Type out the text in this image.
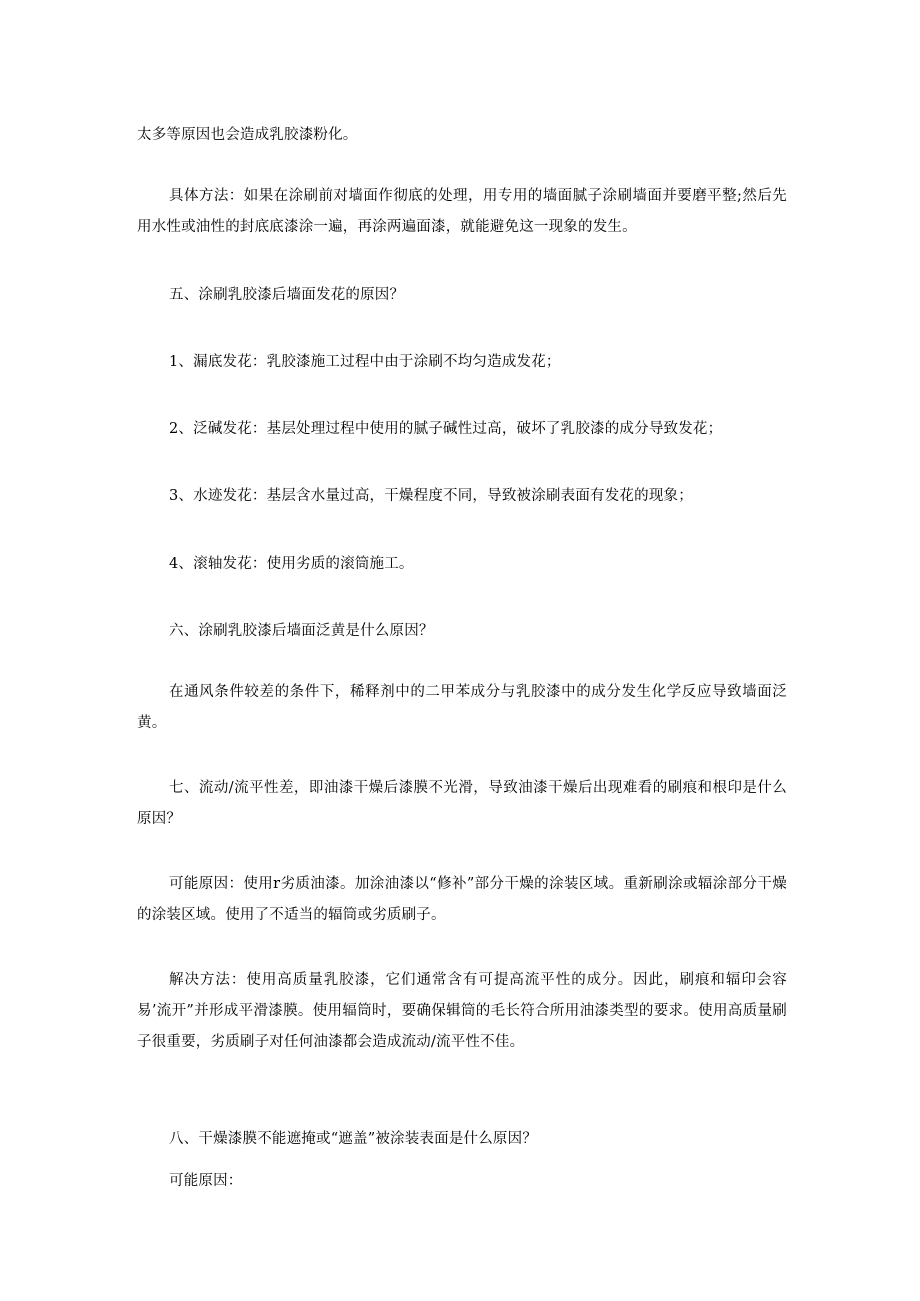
太多等原因也会造成乳胶漆粉化。

具体方法：如果在涂刷前对墙面作彻底的处理，用专用的墙面腻子涂刷墙面并要磨平整;然后先用水性或油性的封底底漆涂一遍，再涂两遍面漆，就能避免这一现象的发生。

五、涂刷乳胶漆后墙面发花的原因？

1、漏底发花：乳胶漆施工过程中由于涂刷不均匀造成发花；

2、泛碱发花：基层处理过程中使用的腻子碱性过高，破坏了乳胶漆的成分导致发花；

3、水迹发花：基层含水量过高，干燥程度不同，导致被涂刷表面有发花的现象；

4、滚轴发花：使用劣质的滚筒施工。

六、涂刷乳胶漆后墙面泛黄是什么原因？

在通风条件较差的条件下，稀释剂中的二甲苯成分与乳胶漆中的成分发生化学反应导致墙面泛黄。

七、流动/流平性差，即油漆干燥后漆膜不光滑，导致油漆干燥后出现难看的刷痕和根印是什么原因？

可能原因：使用r劣质油漆。加涂油漆以“修补”部分干燥的涂装区域。重新刷涂或辐涂部分干燥的涂装区域。使用了不适当的辐筒或劣质刷子。

解决方法：使用高质量乳胶漆，它们通常含有可提高流平性的成分。因此，刷痕和辐印会容易’流开”并形成平滑漆膜。使用辐筒时，要确保辑筒的毛长符合所用油漆类型的要求。使用高质量刷子很重要，劣质刷子对任何油漆都会造成流动/流平性不佳。

八、干燥漆膜不能遮掩或“遮盖”被涂装表面是什么原因？

可能原因：
